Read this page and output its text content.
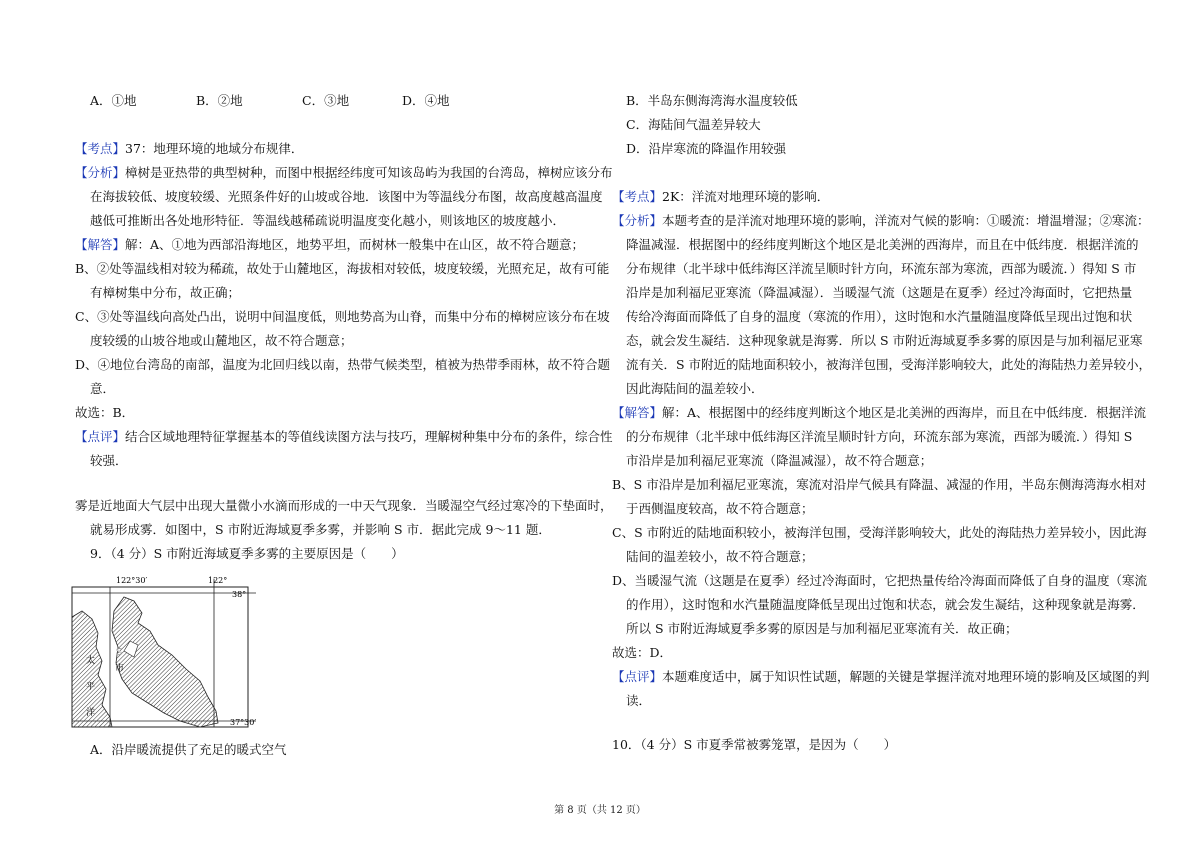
A．①地	B．②地	C．③地	D．④地
【考点】37：地理环境的地域分布规律．
【分析】樟树是亚热带的典型树种，而图中根据经纬度可知该岛屿为我国的台湾岛，樟树应该分布
在海拔较低、坡度较缓、光照条件好的山坡或谷地．该图中为等温线分布图，故高度越高温度
越低可推断出各处地形特征．等温线越稀疏说明温度变化越小，则该地区的坡度越小．
【解答】解：A、①地为西部沿海地区，地势平坦，而树林一般集中在山区，故不符合题意；
B、②处等温线相对较为稀疏，故处于山麓地区，海拔相对较低，坡度较缓，光照充足，故有可能
有樟树集中分布，故正确；
C、③处等温线向高处凸出，说明中间温度低，则地势高为山脊，而集中分布的樟树应该分布在坡
度较缓的山坡谷地或山麓地区，故不符合题意；
D、④地位台湾岛的南部，温度为北回归线以南，热带气候类型，植被为热带季雨林，故不符合题
意．
故选：B．
【点评】结合区域地理特征掌握基本的等值线读图方法与技巧，理解树种集中分布的条件，综合性
较强．
雾是近地面大气层中出现大量微小水滴而形成的一中天气现象．当暖湿空气经过寒冷的下垫面时，
就易形成雾．如图中，S 市附近海域夏季多雾，并影响 S 市．据此完成 9～11 题．
9．（4 分）S 市附近海域夏季多雾的主要原因是（　　）
A．沿岸暖流提供了充足的暖式空气
122°30′	122°
38°
37°30′
S
市
太
平
洋
B．半岛东侧海湾海水温度较低
C．海陆间气温差异较大
D．沿岸寒流的降温作用较强
【考点】2K：洋流对地理环境的影响．
【分析】本题考查的是洋流对地理环境的影响，洋流对气候的影响：①暖流：增温增湿；②寒流：
降温减湿．根据图中的经纬度判断这个地区是北美洲的西海岸，而且在中低纬度．根据洋流的
分布规律（北半球中低纬海区洋流呈顺时针方向，环流东部为寒流，西部为暖流．）得知 S 市
沿岸是加利福尼亚寒流（降温减湿）．当暖湿气流（这题是在夏季）经过冷海面时，它把热量
传给冷海面而降低了自身的温度（寒流的作用），这时饱和水汽量随温度降低呈现出过饱和状
态，就会发生凝结．这种现象就是海雾．所以 S 市附近海域夏季多雾的原因是与加利福尼亚寒
流有关．S 市附近的陆地面积较小，被海洋包围，受海洋影响较大，此处的海陆热力差异较小，
因此海陆间的温差较小．
【解答】解：A、根据图中的经纬度判断这个地区是北美洲的西海岸，而且在中低纬度．根据洋流
的分布规律（北半球中低纬海区洋流呈顺时针方向，环流东部为寒流，西部为暖流．）得知 S
市沿岸是加利福尼亚寒流（降温减湿），故不符合题意；
B、S 市沿岸是加利福尼亚寒流，寒流对沿岸气候具有降温、减湿的作用，半岛东侧海湾海水相对
于西侧温度较高，故不符合题意；
C、S 市附近的陆地面积较小，被海洋包围，受海洋影响较大，此处的海陆热力差异较小，因此海
陆间的温差较小，故不符合题意；
D、当暖湿气流（这题是在夏季）经过冷海面时，它把热量传给冷海面而降低了自身的温度（寒流
的作用），这时饱和水汽量随温度降低呈现出过饱和状态，就会发生凝结，这种现象就是海雾．
所以 S 市附近海域夏季多雾的原因是与加利福尼亚寒流有关．故正确；
故选：D．
【点评】本题难度适中，属于知识性试题，解题的关键是掌握洋流对地理环境的影响及区域图的判
读．
10．（4 分）S 市夏季常被雾笼罩，是因为（　　）
第 8 页（共 12 页）
